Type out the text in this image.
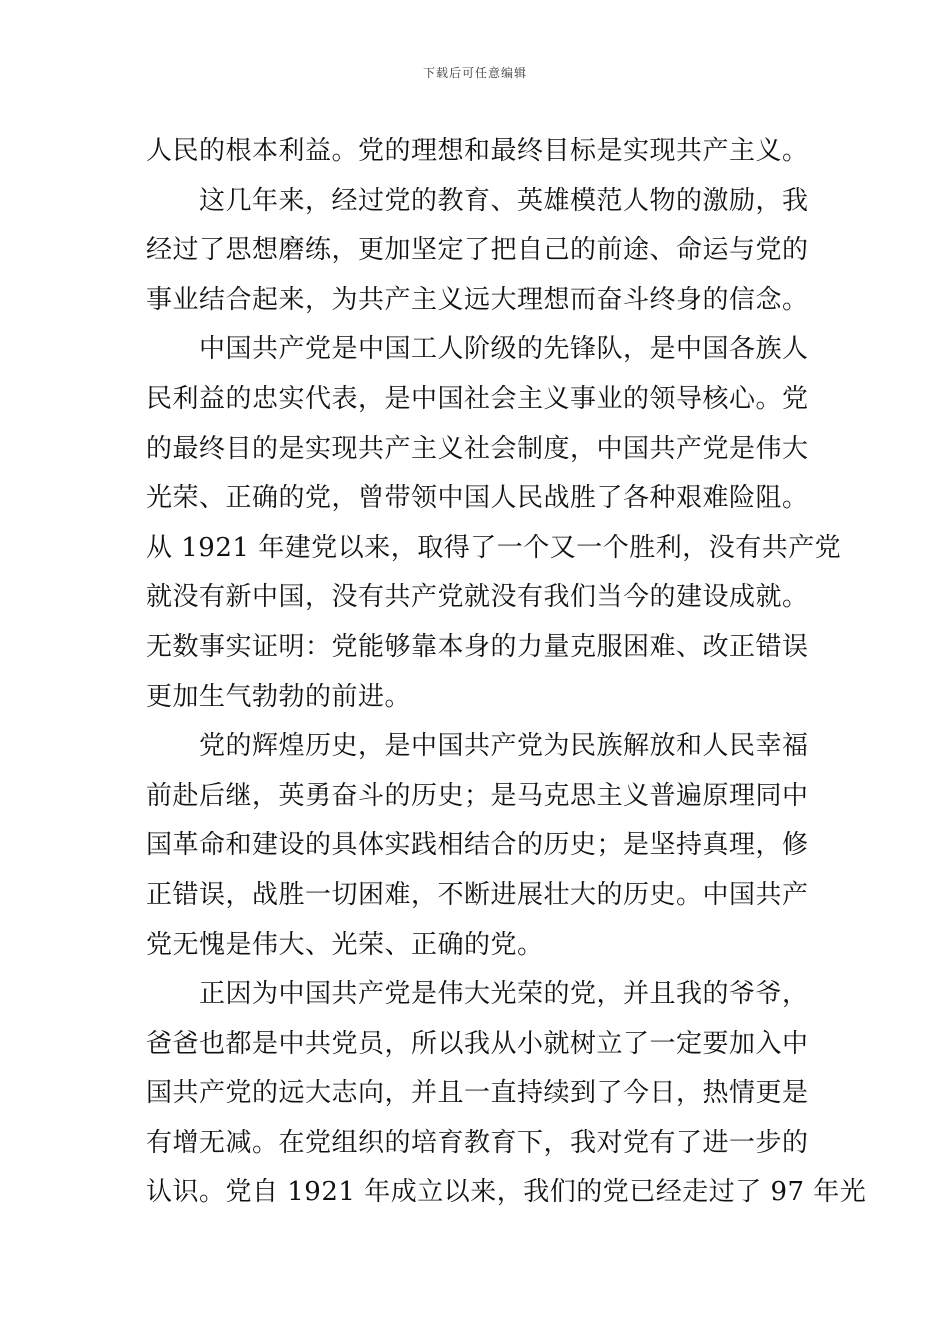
下载后可任意编辑
人民的根本利益。党的理想和最终目标是实现共产主义。
这几年来，经过党的教育、英雄模范人物的激励，我
经过了思想磨练，更加坚定了把自己的前途、命运与党的
事业结合起来，为共产主义远大理想而奋斗终身的信念。
中国共产党是中国工人阶级的先锋队，是中国各族人
民利益的忠实代表，是中国社会主义事业的领导核心。党
的最终目的是实现共产主义社会制度，中国共产党是伟大
光荣、正确的党，曾带领中国人民战胜了各种艰难险阻。
从 1921 年建党以来，取得了一个又一个胜利，没有共产党
就没有新中国，没有共产党就没有我们当今的建设成就。
无数事实证明：党能够靠本身的力量克服困难、改正错误
更加生气勃勃的前进。
党的辉煌历史，是中国共产党为民族解放和人民幸福
前赴后继，英勇奋斗的历史；是马克思主义普遍原理同中
国革命和建设的具体实践相结合的历史；是坚持真理，修
正错误，战胜一切困难，不断进展壮大的历史。中国共产
党无愧是伟大、光荣、正确的党。
正因为中国共产党是伟大光荣的党，并且我的爷爷，
爸爸也都是中共党员，所以我从小就树立了一定要加入中
国共产党的远大志向，并且一直持续到了今日，热情更是
有增无减。在党组织的培育教育下，我对党有了进一步的
认识。党自 1921 年成立以来，我们的党已经走过了 97 年光
